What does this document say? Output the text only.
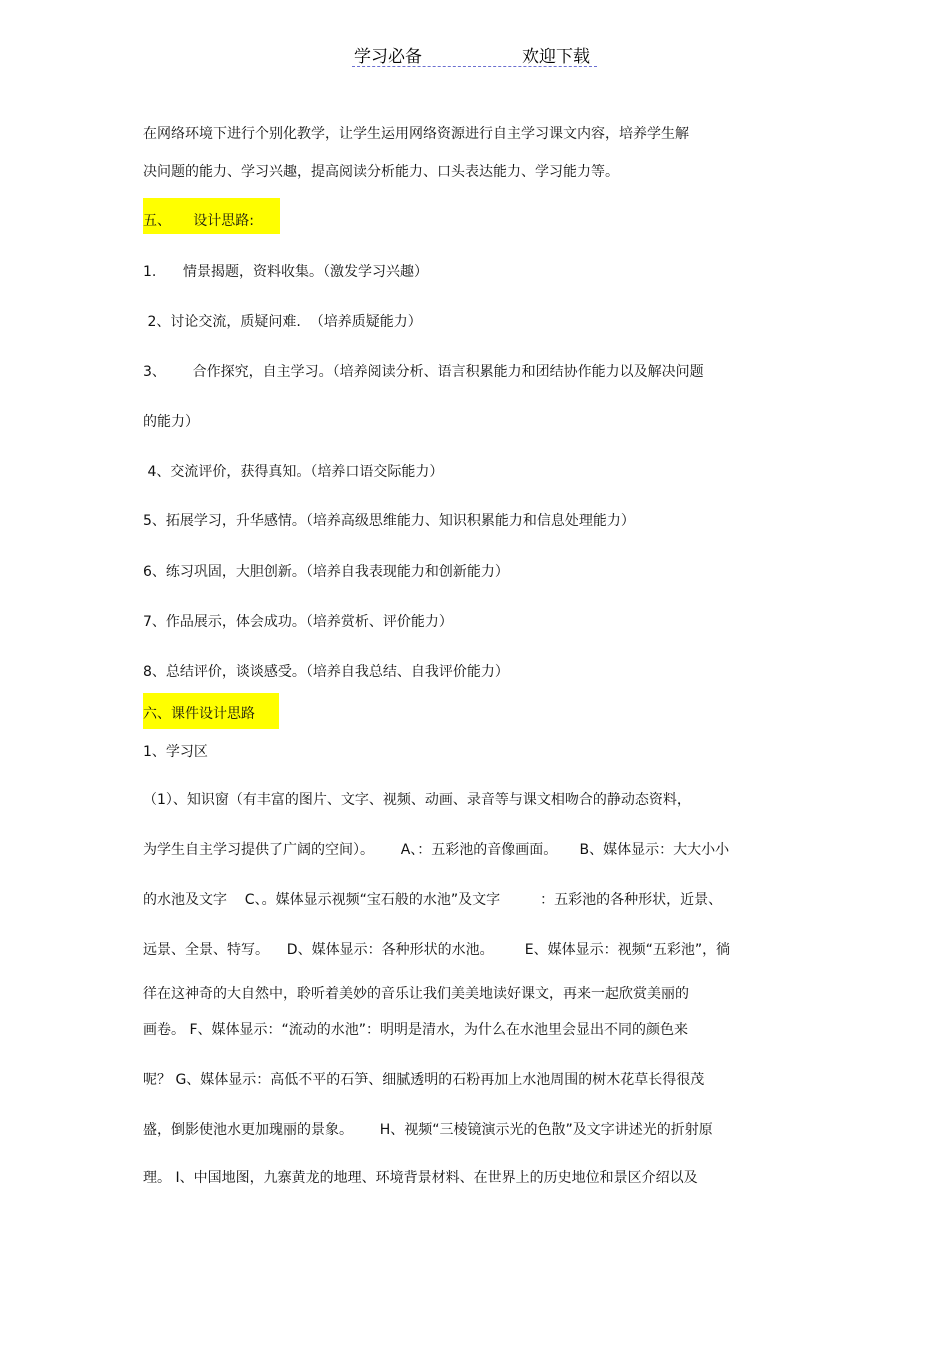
学习必备	欢迎下载
在网络环境下进行个别化教学，让学生运用网络资源进行自主学习课文内容，培养学生解
决问题的能力、学习兴趣，提高阅读分析能力、口头表达能力、学习能力等。
五、     设计思路:
1.      情景揭题，资料收集。（激发学习兴趣）
2、讨论交流，质疑问难.  （培养质疑能力）
3、      合作探究，自主学习。（培养阅读分析、语言积累能力和团结协作能力以及解决问题
的能力）
4、交流评价，获得真知。（培养口语交际能力）
5、拓展学习，升华感情。（培养高级思维能力、知识积累能力和信息处理能力）
6、练习巩固，大胆创新。（培养自我表现能力和创新能力）
7、作品展示，体会成功。（培养赏析、评价能力）
8、总结评价，谈谈感受。（培养自我总结、自我评价能力）
六、课件设计思路
1、学习区
（1）、知识窗（有丰富的图片、文字、视频、动画、录音等与课文相吻合的静动态资料，
为学生自主学习提供了广阔的空间）。      A、：五彩池的音像画面。     B、媒体显示：大大小小
的水池及文字    C、。媒体显示视频“宝石般的水池”及文字         ：五彩池的各种形状，近景、
远景、全景、特写。    D、媒体显示：各种形状的水池。       E、媒体显示：视频“五彩池”，徜
徉在这神奇的大自然中，聆听着美妙的音乐让我们美美地读好课文，再来一起欣赏美丽的
画卷。 F、媒体显示：“流动的水池”：明明是清水，为什么在水池里会显出不同的颜色来
呢？ G、媒体显示：高低不平的石笋、细腻透明的石粉再加上水池周围的树木花草长得很茂
盛，倒影使池水更加瑰丽的景象。      H、视频“三棱镜演示光的色散”及文字讲述光的折射原
理。 I、中国地图，九寨黄龙的地理、环境背景材料、在世界上的历史地位和景区介绍以及
